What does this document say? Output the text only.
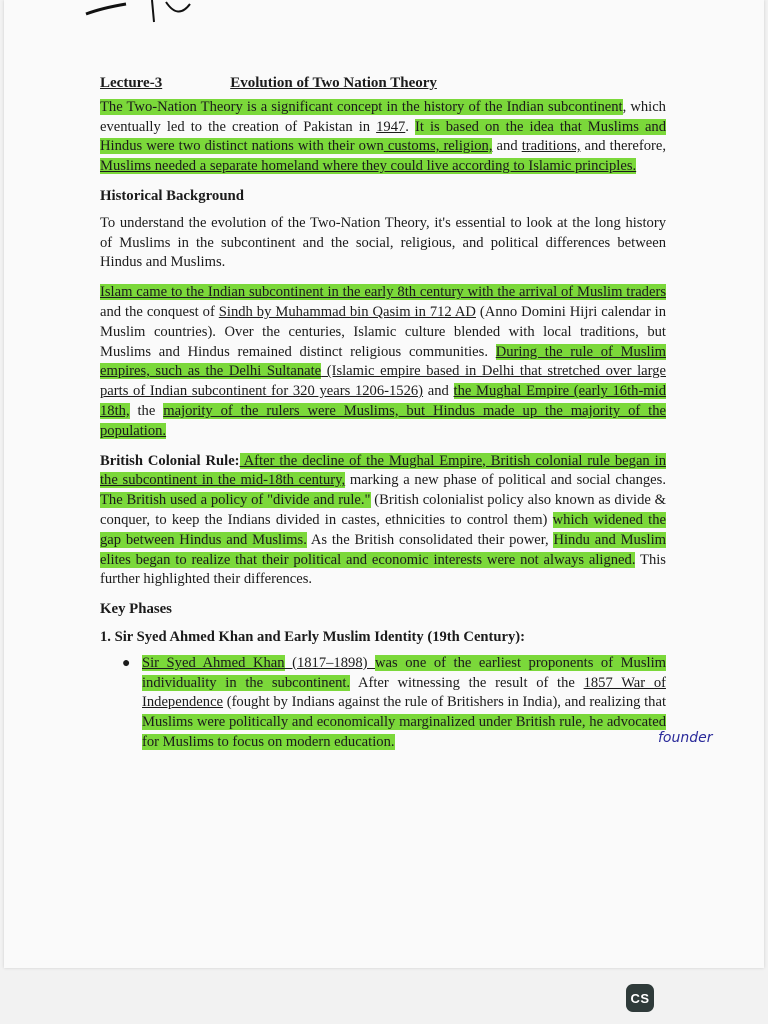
Lecture-3	Evolution of Two Nation Theory

The Two-Nation Theory is a significant concept in the history of the Indian subcontinent, which eventually led to the creation of Pakistan in 1947. It is based on the idea that Muslims and Hindus were two distinct nations with their own customs, religion, and traditions, and therefore, Muslims needed a separate homeland where they could live according to Islamic principles.

Historical Background

To understand the evolution of the Two-Nation Theory, it's essential to look at the long history of Muslims in the subcontinent and the social, religious, and political differences between Hindus and Muslims.

Islam came to the Indian subcontinent in the early 8th century with the arrival of Muslim traders and the conquest of Sindh by Muhammad bin Qasim in 712 AD (Anno Domini Hijri calendar in Muslim countries). Over the centuries, Islamic culture blended with local traditions, but Muslims and Hindus remained distinct religious communities. During the rule of Muslim empires, such as the Delhi Sultanate (Islamic empire based in Delhi that stretched over large parts of Indian subcontinent for 320 years 1206-1526) and the Mughal Empire (early 16th-mid 18th, the majority of the rulers were Muslims, but Hindus made up the majority of the population.

British Colonial Rule: After the decline of the Mughal Empire, British colonial rule began in the subcontinent in the mid-18th century, marking a new phase of political and social changes. The British used a policy of "divide and rule." (British colonialist policy also known as divide & conquer, to keep the Indians divided in castes, ethnicities to control them) which widened the gap between Hindus and Muslims. As the British consolidated their power, Hindu and Muslim elites began to realize that their political and economic interests were not always aligned. This further highlighted their differences.

Key Phases
1. Sir Syed Ahmed Khan and Early Muslim Identity (19th Century):
● Sir Syed Ahmed Khan (1817–1898) was one of the earliest proponents of Muslim individuality in the subcontinent. After witnessing the result of the 1857 War of Independence (fought by Indians against the rule of Britishers in India), and realizing that Muslims were politically and economically marginalized under British rule, he advocated for Muslims to focus on modern education.	founder
CS
